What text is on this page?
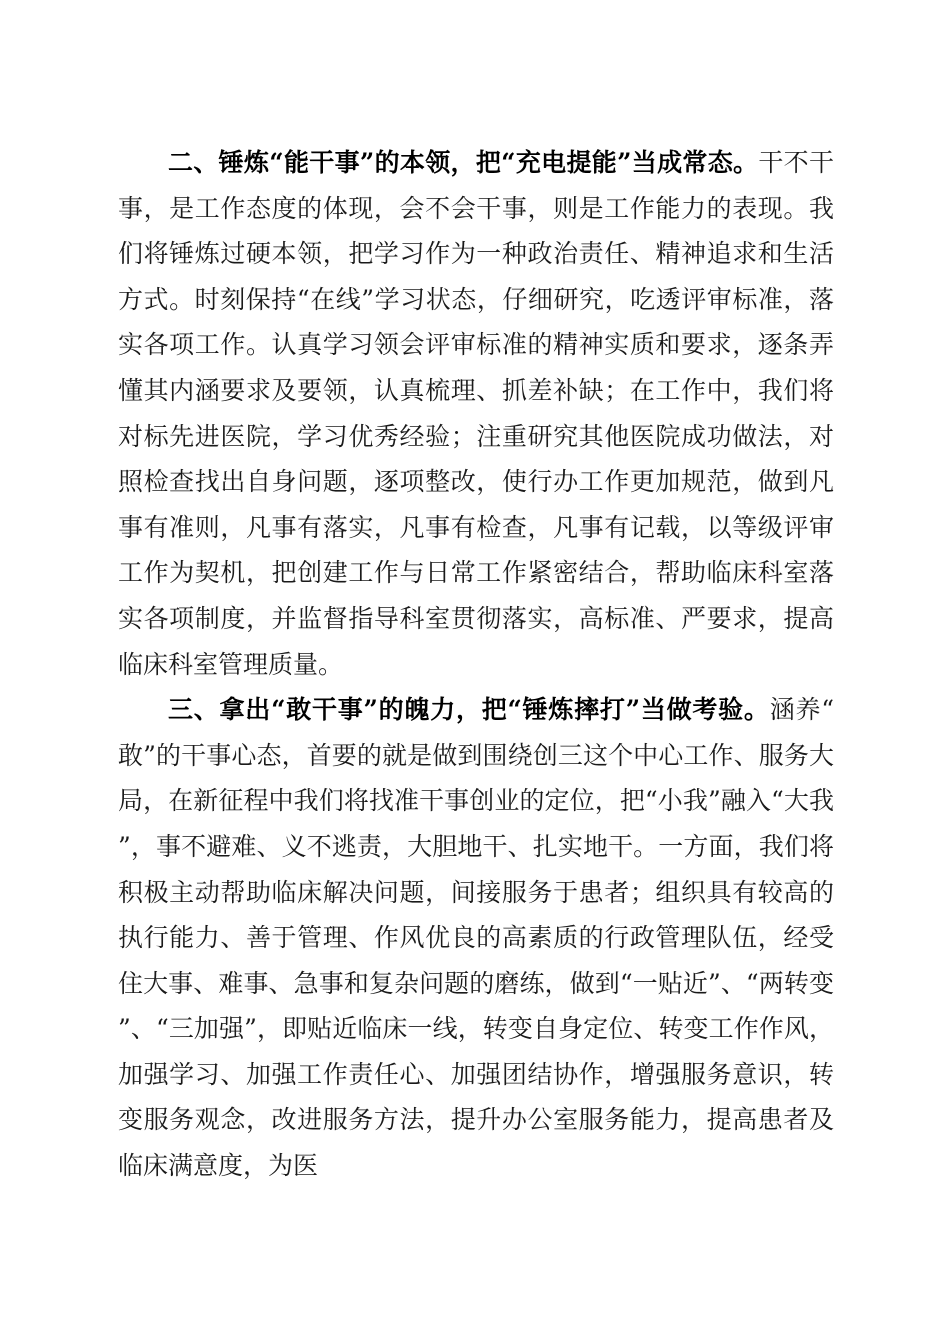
二、锤炼“能干事”的本领，把“充电提能”当成常态。干不干事，是工作态度的体现，会不会干事，则是工作能力的表现。我们将锤炼过硬本领，把学习作为一种政治责任、精神追求和生活方式。时刻保持“在线”学习状态，仔细研究，吃透评审标准，落实各项工作。认真学习领会评审标准的精神实质和要求，逐条弄懂其内涵要求及要领，认真梳理、抓差补缺；在工作中，我们将对标先进医院，学习优秀经验；注重研究其他医院成功做法，对照检查找出自身问题，逐项整改，使行办工作更加规范，做到凡事有准则，凡事有落实，凡事有检查，凡事有记载，以等级评审工作为契机，把创建工作与日常工作紧密结合，帮助临床科室落实各项制度，并监督指导科室贯彻落实，高标准、严要求，提高临床科室管理质量。

三、拿出“敢干事”的魄力，把“锤炼摔打”当做考验。涵养“敢”的干事心态，首要的就是做到围绕创三这个中心工作、服务大局，在新征程中我们将找准干事创业的定位，把“小我”融入“大我”，事不避难、义不逃责，大胆地干、扎实地干。一方面，我们将积极主动帮助临床解决问题，间接服务于患者；组织具有较高的执行能力、善于管理、作风优良的高素质的行政管理队伍，经受住大事、难事、急事和复杂问题的磨练，做到“一贴近”、“两转变”、“三加强”，即贴近临床一线，转变自身定位、转变工作作风，加强学习、加强工作责任心、加强团结协作，增强服务意识，转变服务观念，改进服务方法，提升办公室服务能力，提高患者及临床满意度，为医
